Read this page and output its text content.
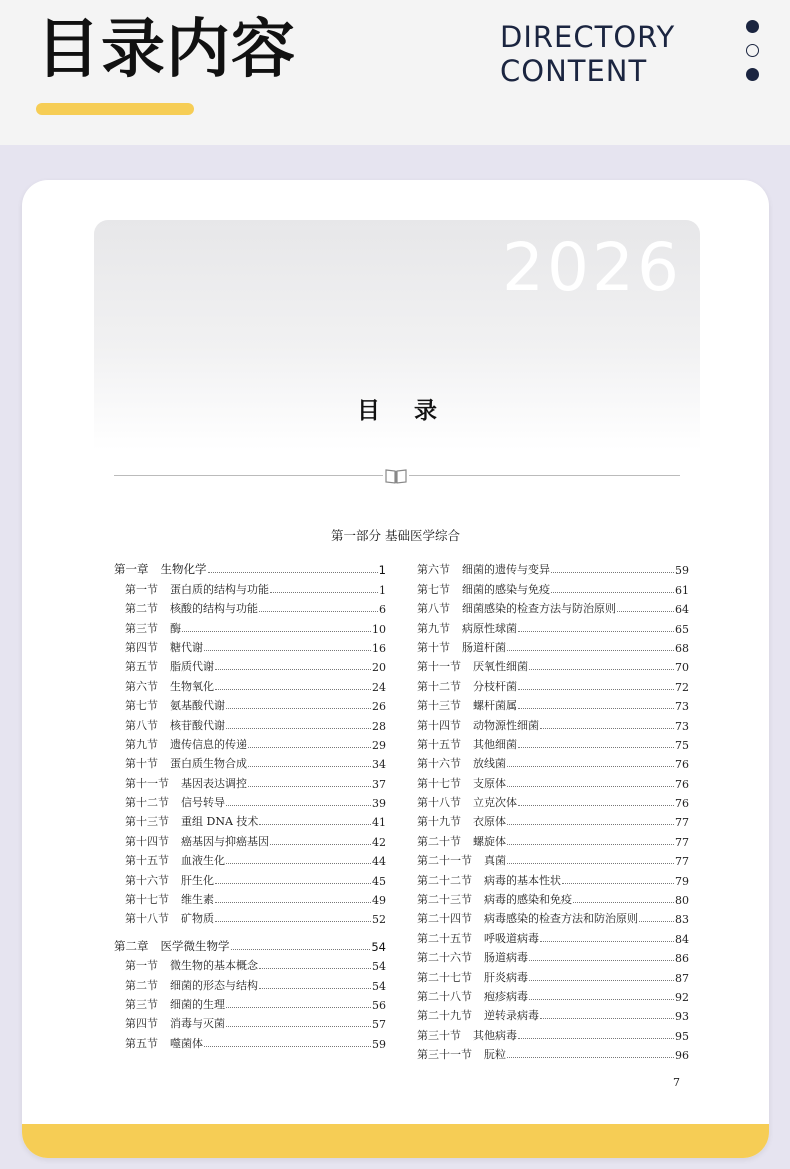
目录内容	DIRECTORY
CONTENT
2026
目录
第一部分 基础医学综合
第一章 生物化学	1
第一节 蛋白质的结构与功能	1
第二节 核酸的结构与功能	6
第三节 酶	10
第四节 糖代谢	16
第五节 脂质代谢	20
第六节 生物氧化	24
第七节 氨基酸代谢	26
第八节 核苷酸代谢	28
第九节 遗传信息的传递	29
第十节 蛋白质生物合成	34
第十一节 基因表达调控	37
第十二节 信号转导	39
第十三节 重组 DNA 技术	41
第十四节 癌基因与抑癌基因	42
第十五节 血液生化	44
第十六节 肝生化	45
第十七节 维生素	49
第十八节 矿物质	52
第二章 医学微生物学	54
第一节 微生物的基本概念	54
第二节 细菌的形态与结构	54
第三节 细菌的生理	56
第四节 消毒与灭菌	57
第五节 噬菌体	59
第六节 细菌的遗传与变异	59
第七节 细菌的感染与免疫	61
第八节 细菌感染的检查方法与防治原则	64
第九节 病原性球菌	65
第十节 肠道杆菌	68
第十一节 厌氧性细菌	70
第十二节 分枝杆菌	72
第十三节 螺杆菌属	73
第十四节 动物源性细菌	73
第十五节 其他细菌	75
第十六节 放线菌	76
第十七节 支原体	76
第十八节 立克次体	76
第十九节 衣原体	77
第二十节 螺旋体	77
第二十一节 真菌	77
第二十二节 病毒的基本性状	79
第二十三节 病毒的感染和免疫	80
第二十四节 病毒感染的检查方法和防治原则	83
第二十五节 呼吸道病毒	84
第二十六节 肠道病毒	86
第二十七节 肝炎病毒	87
第二十八节 疱疹病毒	92
第二十九节 逆转录病毒	93
第三十节 其他病毒	95
第三十一节 朊粒	96
7
